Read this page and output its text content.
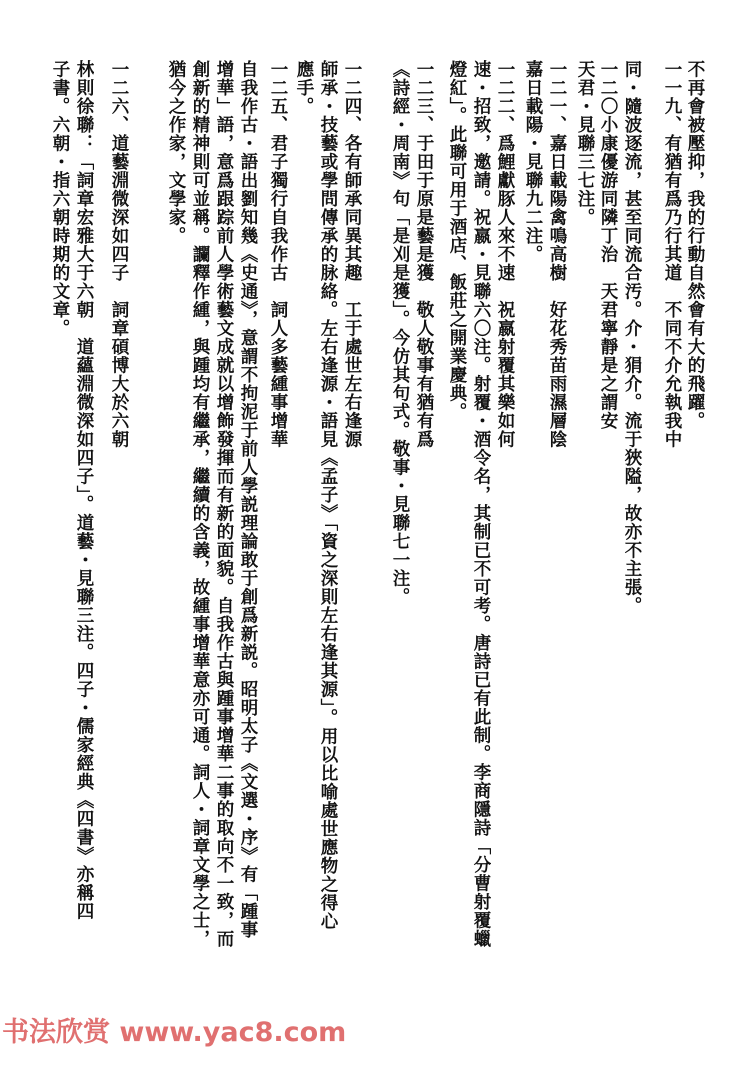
不再會被壓抑，我的行動自然會有大的飛躍。
一一九、有猶有爲乃行其道　不同不介允執我中
同・隨波逐流，甚至同流合汚。介・狷介。流于狹隘，故亦不主張。
一二〇小康優游同隣丁治　天君寧靜是之謂安
天君・見聯三七注。
一二一、嘉日載陽禽鳴高樹　好花秀苗雨濕層陰
嘉日載陽・見聯九二注。
一二二、爲鯉獻豚人來不速　祝嬴射覆其樂如何
速・招致，邀請。祝嬴・見聯六〇注。射覆・酒令名，其制已不可考。唐詩已有此制。李商隱詩「分曹射覆蠟
燈紅」。此聯可用于酒店、飯莊之開業慶典。
一二三、于田于原是藝是獲　敬人敬事有猶有爲
《詩經・周南》句「是刈是獲」。今仿其句式。敬事・見聯七一注。
一二四、各有師承同異其趣　工于處世左右逢源
師承・技藝或學問傳承的脉絡。左右逢源・語見《孟子》「資之深則左右逢其源」。用以比喻處世應物之得心
應手。
一二五、君子獨行自我作古　詞人多藝緟事增華
自我作古・語出劉知幾《史通》，意謂不拘泥于前人學説理論敢于創爲新説。昭明太子《文選・序》有「踵事
增華」語，意爲跟踪前人學術藝文成就以增飾發揮而有新的面貌。自我作古與踵事增華二事的取向不一致，而
創新的精神則可並稱。讕釋作緟，與踵均有繼承，繼續的含義，故緟事增華意亦可通。詞人・詞章文學之士，
猶今之作家，文學家。
一二六、道藝淵微深如四子　詞章碩博大於六朝
林則徐聯：「詞章宏雅大于六朝　道蘊淵微深如四子」。道藝・見聯三注。四子・儒家經典《四書》亦稱四
子書。六朝・指六朝時期的文章。
书法欣赏 www.yac8.com
